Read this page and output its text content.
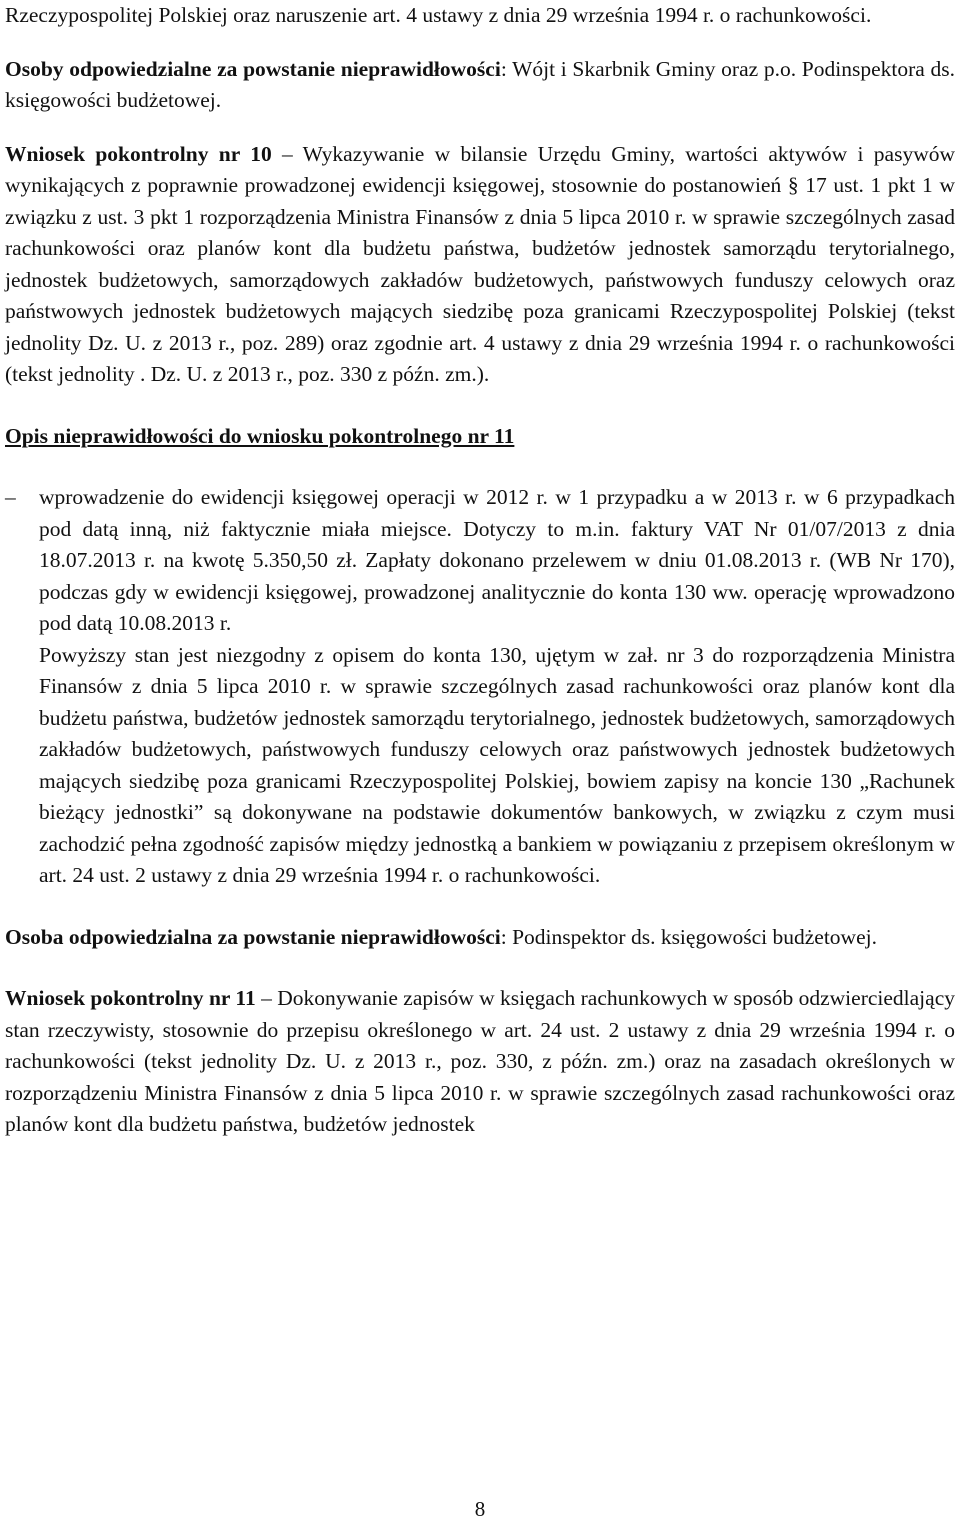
Rzeczypospolitej Polskiej oraz naruszenie art. 4 ustawy z dnia 29 września 1994 r. o rachunkowości.

Osoby odpowiedzialne za powstanie nieprawidłowości: Wójt i Skarbnik Gminy oraz p.o. Podinspektora ds. księgowości budżetowej.

Wniosek pokontrolny nr 10 – Wykazywanie w bilansie Urzędu Gminy, wartości aktywów i pasywów wynikających z poprawnie prowadzonej ewidencji księgowej, stosownie do postanowień § 17 ust. 1 pkt 1 w związku z ust. 3 pkt 1 rozporządzenia Ministra Finansów z dnia 5 lipca 2010 r. w sprawie szczególnych zasad rachunkowości oraz planów kont dla budżetu państwa, budżetów jednostek samorządu terytorialnego, jednostek budżetowych, samorządowych zakładów budżetowych, państwowych funduszy celowych oraz państwowych jednostek budżetowych mających siedzibę poza granicami Rzeczypospolitej Polskiej (tekst jednolity Dz. U. z 2013 r., poz. 289) oraz zgodnie art. 4 ustawy z dnia 29 września 1994 r. o rachunkowości (tekst jednolity . Dz. U. z 2013 r., poz. 330 z późn. zm.).

Opis nieprawidłowości do wniosku pokontrolnego nr 11

– wprowadzenie do ewidencji księgowej operacji w 2012 r. w 1 przypadku a w 2013 r. w 6 przypadkach pod datą inną, niż faktycznie miała miejsce. Dotyczy to m.in. faktury VAT Nr 01/07/2013 z dnia 18.07.2013 r. na kwotę 5.350,50 zł. Zapłaty dokonano przelewem w dniu 01.08.2013 r. (WB Nr 170), podczas gdy w ewidencji księgowej, prowadzonej analitycznie do konta 130 ww. operację wprowadzono pod datą 10.08.2013 r.

Powyższy stan jest niezgodny z opisem do konta 130, ujętym w zał. nr 3 do rozporządzenia Ministra Finansów z dnia 5 lipca 2010 r. w sprawie szczególnych zasad rachunkowości oraz planów kont dla budżetu państwa, budżetów jednostek samorządu terytorialnego, jednostek budżetowych, samorządowych zakładów budżetowych, państwowych funduszy celowych oraz państwowych jednostek budżetowych mających siedzibę poza granicami Rzeczypospolitej Polskiej, bowiem zapisy na koncie 130 „Rachunek bieżący jednostki” są dokonywane na podstawie dokumentów bankowych, w związku z czym musi zachodzić pełna zgodność zapisów między jednostką a bankiem w powiązaniu z przepisem określonym w art. 24 ust. 2 ustawy z dnia 29 września 1994 r. o rachunkowości.

Osoba odpowiedzialna za powstanie nieprawidłowości: Podinspektor ds. księgowości budżetowej.

Wniosek pokontrolny nr 11 – Dokonywanie zapisów w księgach rachunkowych w sposób odzwierciedlający stan rzeczywisty, stosownie do przepisu określonego w art. 24 ust. 2 ustawy z dnia 29 września 1994 r. o rachunkowości (tekst jednolity Dz. U. z 2013 r., poz. 330, z późn. zm.) oraz na zasadach określonych w rozporządzeniu Ministra Finansów z dnia 5 lipca 2010 r. w sprawie szczególnych zasad rachunkowości oraz planów kont dla budżetu państwa, budżetów jednostek

8
